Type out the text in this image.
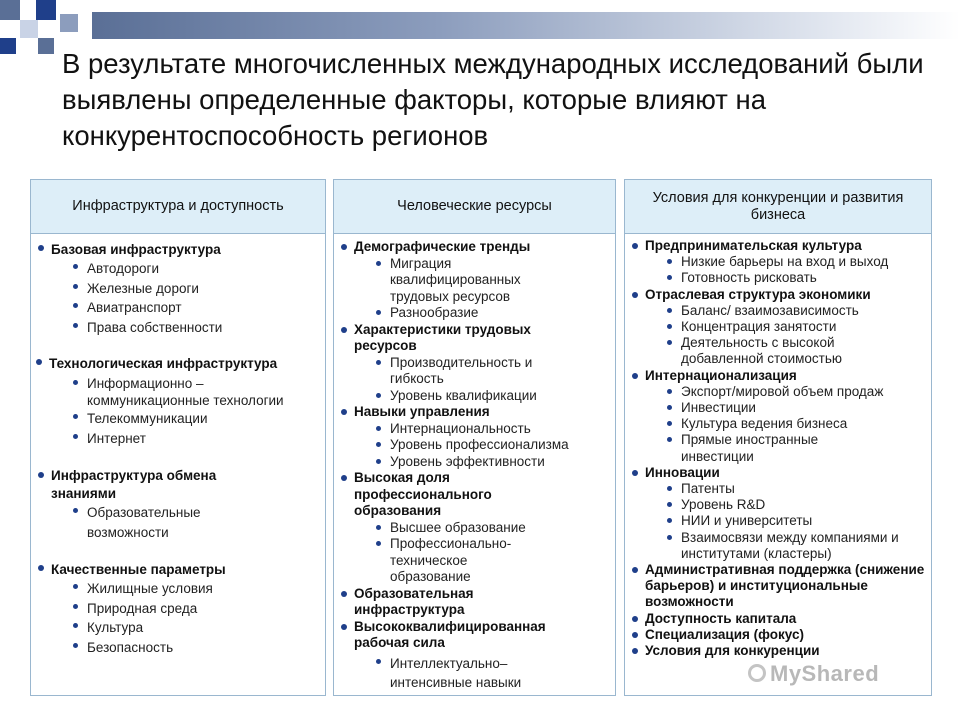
В результате многочисленных международных исследований были выявлены определенные факторы, которые влияют на конкурентоспособность регионов
Инфраструктура и доступность
Базовая инфраструктура
Автодороги
Железные дороги
Авиатранспорт
Права собственности
Технологическая инфраструктура
Информационно – коммуникационные технологии
Телекоммуникации
Интернет
Инфраструктура обмена знаниями
Образовательные возможности
Качественные параметры
Жилищные условия
Природная среда
Культура
Безопасность
Человеческие ресурсы
Демографические тренды
Миграция квалифицированных трудовых ресурсов
Разнообразие
Характеристики трудовых ресурсов
Производительность и гибкость
Уровень квалификации
Навыки управления
Интернациональность
Уровень профессионализма
Уровень эффективности
Высокая доля профессионального образования
Высшее образование
Профессионально-техническое образование
Образовательная инфраструктура
Высококвалифицированная рабочая сила
Интеллектуально–интенсивные навыки
Условия для конкуренции и развития бизнеса
Предпринимательская культура
Низкие барьеры на вход и выход
Готовность рисковать
Отраслевая структура экономики
Баланс/ взаимозависимость
Концентрация занятости
Деятельность с высокой добавленной стоимостью
Интернационализация
Экспорт/мировой объем продаж
Инвестиции
Культура ведения бизнеса
Прямые иностранные инвестиции
Инновации
Патенты
Уровень R&D
НИИ и университеты
Взаимосвязи между компаниями и институтами (кластеры)
Административная поддержка (снижение барьеров) и институциональные возможности
Доступность капитала
Специализация (фокус)
Условия для конкуренции
MyShared
